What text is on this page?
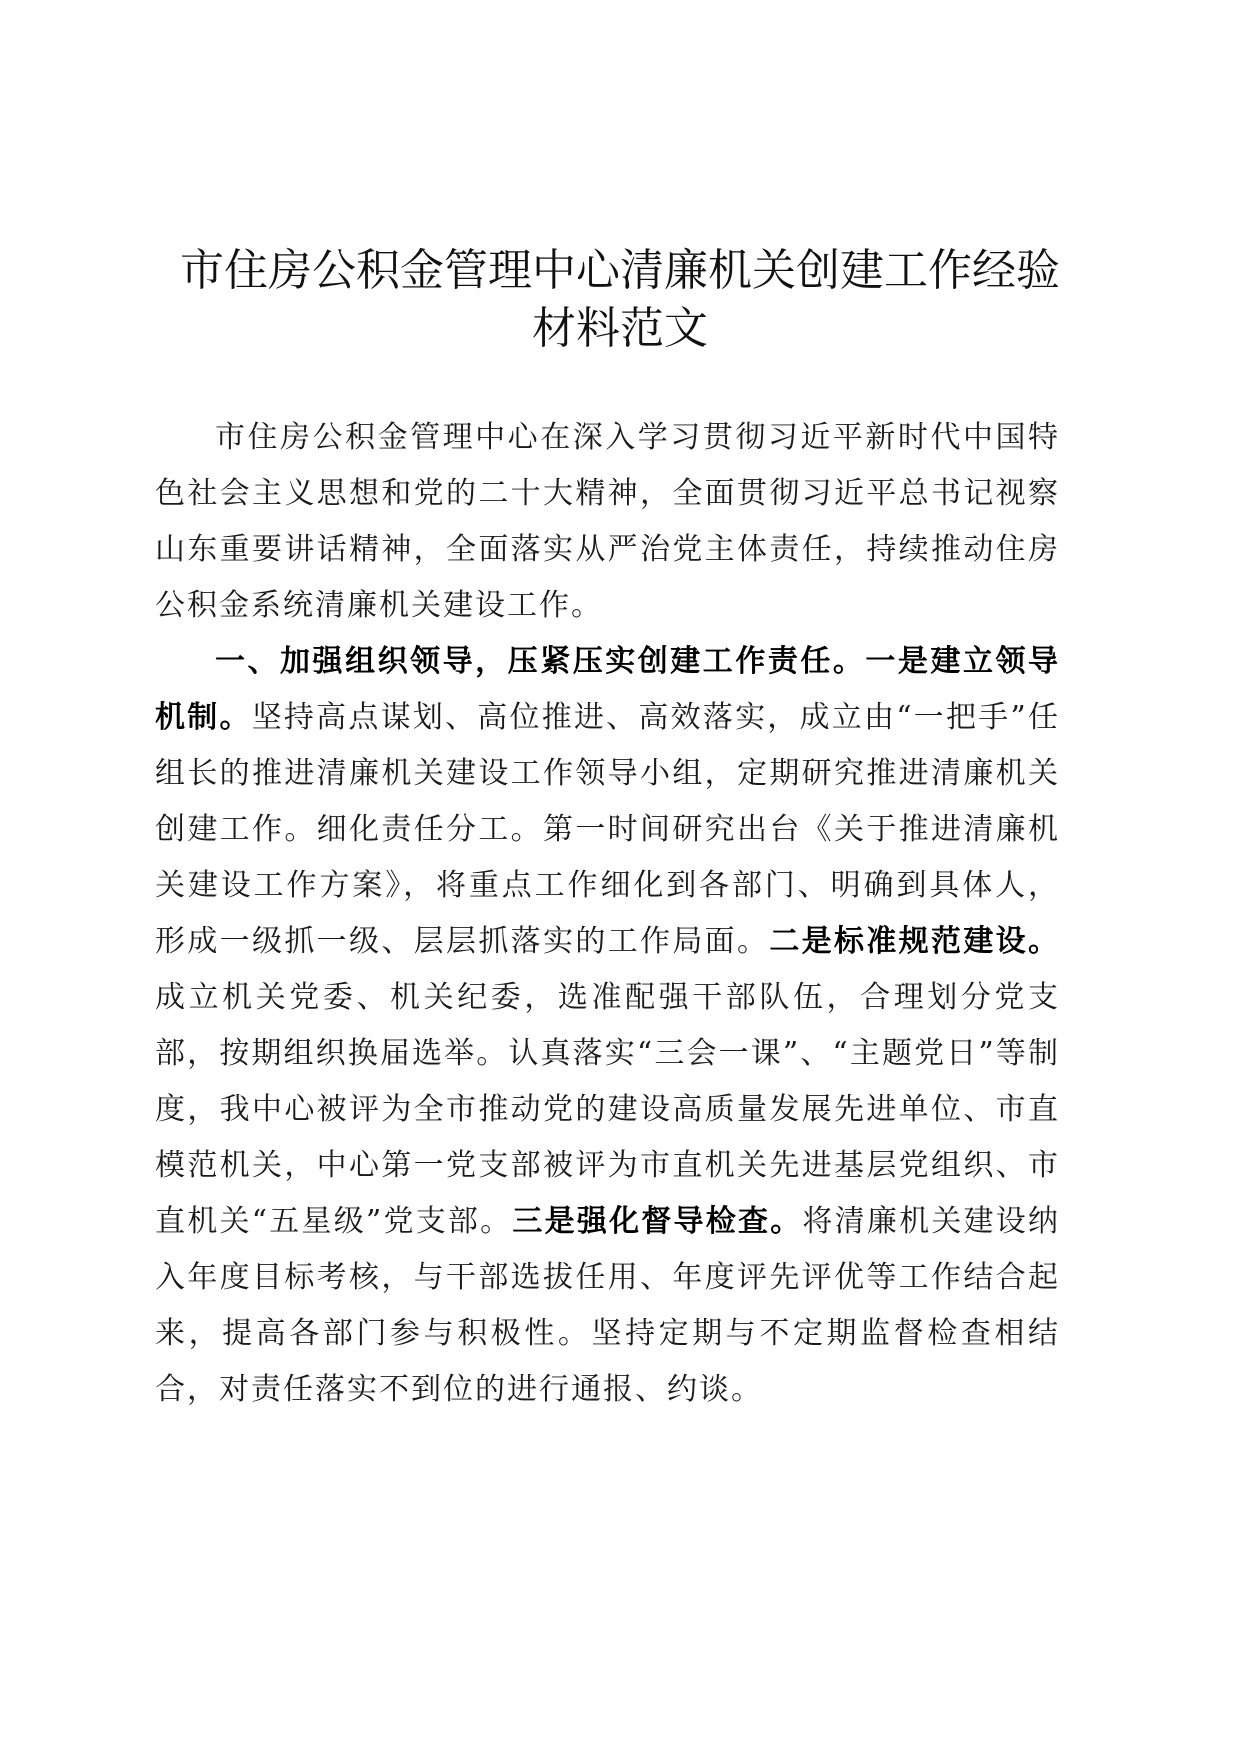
市住房公积金管理中心清廉机关创建工作经验
材料范文

市住房公积金管理中心在深入学习贯彻习近平新时代中国特色社会主义思想和党的二十大精神，全面贯彻习近平总书记视察山东重要讲话精神，全面落实从严治党主体责任，持续推动住房公积金系统清廉机关建设工作。

一、加强组织领导，压紧压实创建工作责任。一是建立领导机制。坚持高点谋划、高位推进、高效落实，成立由“一把手”任组长的推进清廉机关建设工作领导小组，定期研究推进清廉机关创建工作。细化责任分工。第一时间研究出台《关于推进清廉机关建设工作方案》，将重点工作细化到各部门、明确到具体人，形成一级抓一级、层层抓落实的工作局面。二是标准规范建设。成立机关党委、机关纪委，选准配强干部队伍，合理划分党支部，按期组织换届选举。认真落实“三会一课”、“主题党日”等制度，我中心被评为全市推动党的建设高质量发展先进单位、市直模范机关，中心第一党支部被评为市直机关先进基层党组织、市直机关“五星级”党支部。三是强化督导检查。将清廉机关建设纳入年度目标考核，与干部选拔任用、年度评先评优等工作结合起来，提高各部门参与积极性。坚持定期与不定期监督检查相结合，对责任落实不到位的进行通报、约谈。
